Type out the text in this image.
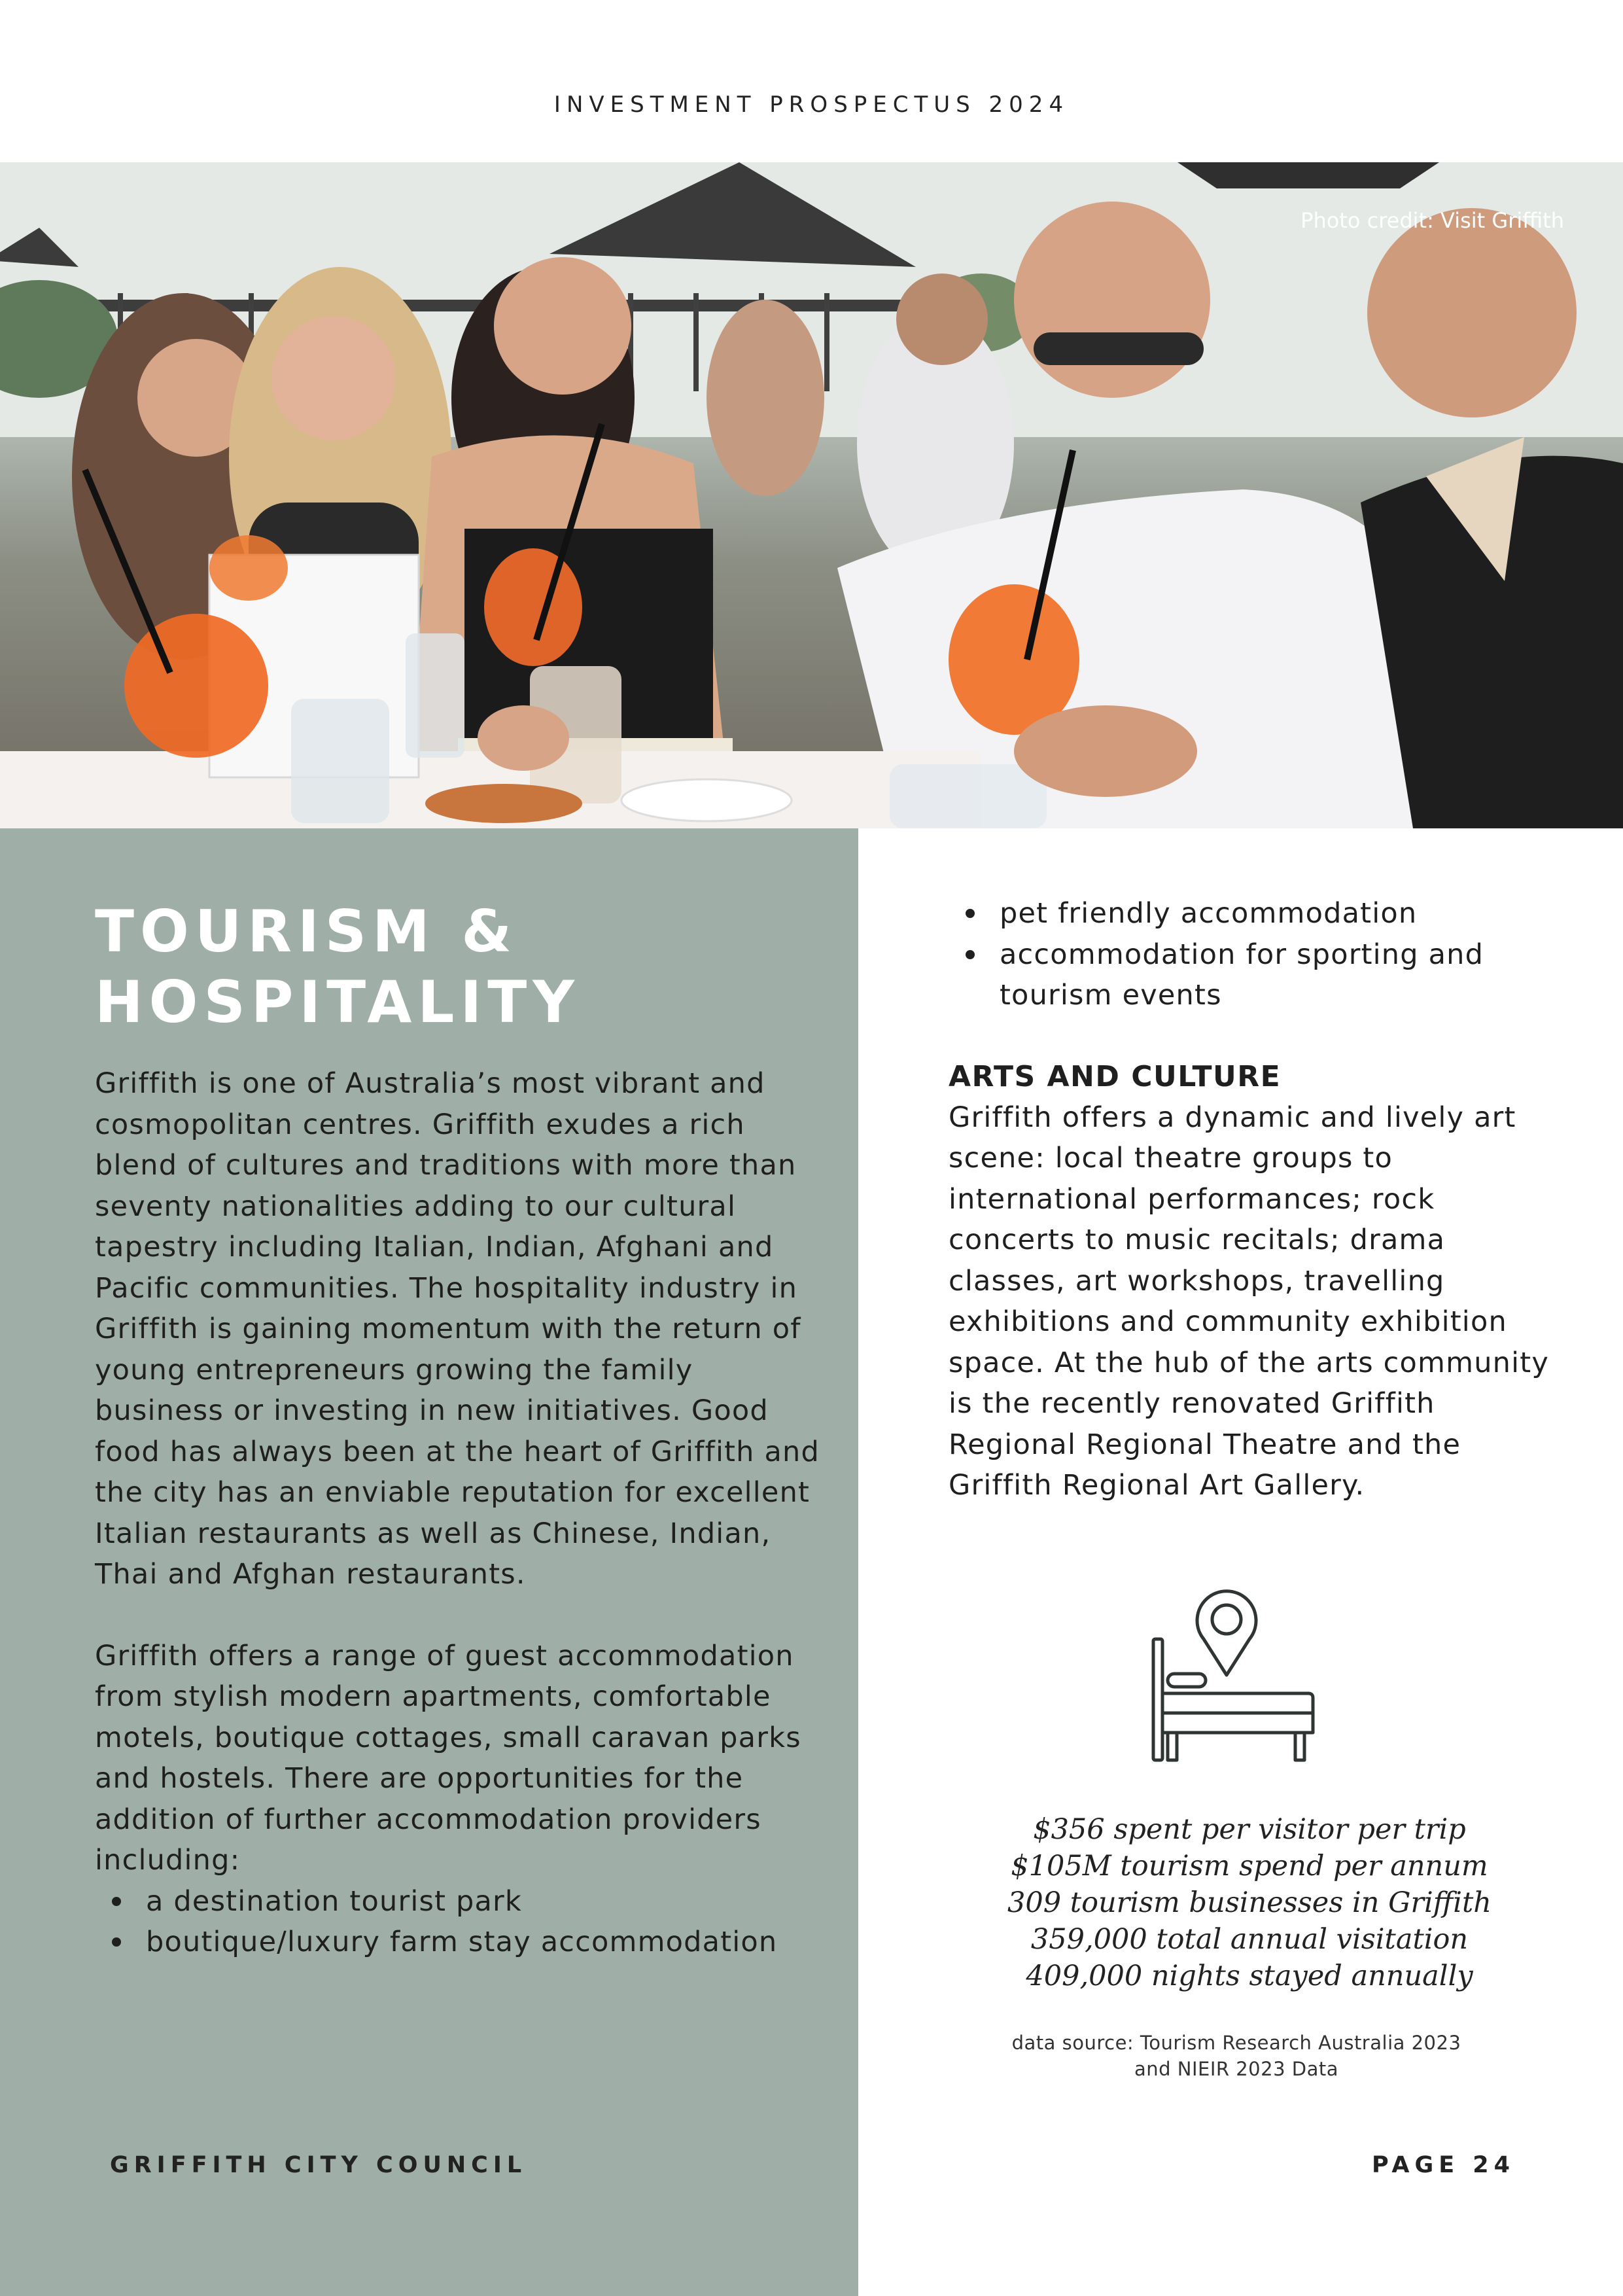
INVESTMENT PROSPECTUS 2024
Photo credit: Visit Griffith
TOURISM &
HOSPITALITY

Griffith is one of Australia’s most vibrant and cosmopolitan centres. Griffith exudes a rich blend of cultures and traditions with more than seventy nationalities adding to our cultural tapestry including Italian, Indian, Afghani and Pacific communities. The hospitality industry in Griffith is gaining momentum with the return of young entrepreneurs growing the family business or investing in new initiatives. Good food has always been at the heart of Griffith and the city has an enviable reputation for excellent Italian restaurants as well as Chinese, Indian, Thai and Afghan restaurants.

Griffith offers a range of guest accommodation from stylish modern apartments, comfortable motels, boutique cottages, small caravan parks and hostels. There are opportunities for the addition of further accommodation providers including:

a destination tourist park
boutique/luxury farm stay accommodation
GRIFFITH CITY COUNCIL
pet friendly accommodation
accommodation for sporting and tourism events
ARTS AND CULTURE

Griffith offers a dynamic and lively art scene: local theatre groups to international performances; rock concerts to music recitals; drama classes, art workshops, travelling exhibitions and community exhibition space. At the hub of the arts community is the recently renovated Griffith Regional Regional Theatre and the Griffith Regional Art Gallery.

$356 spent per visitor per trip
$105M tourism spend per annum
309 tourism businesses in Griffith
359,000 total annual visitation
409,000 nights stayed annually
data source: Tourism Research Australia 2023
and NIEIR 2023 Data
PAGE 24
